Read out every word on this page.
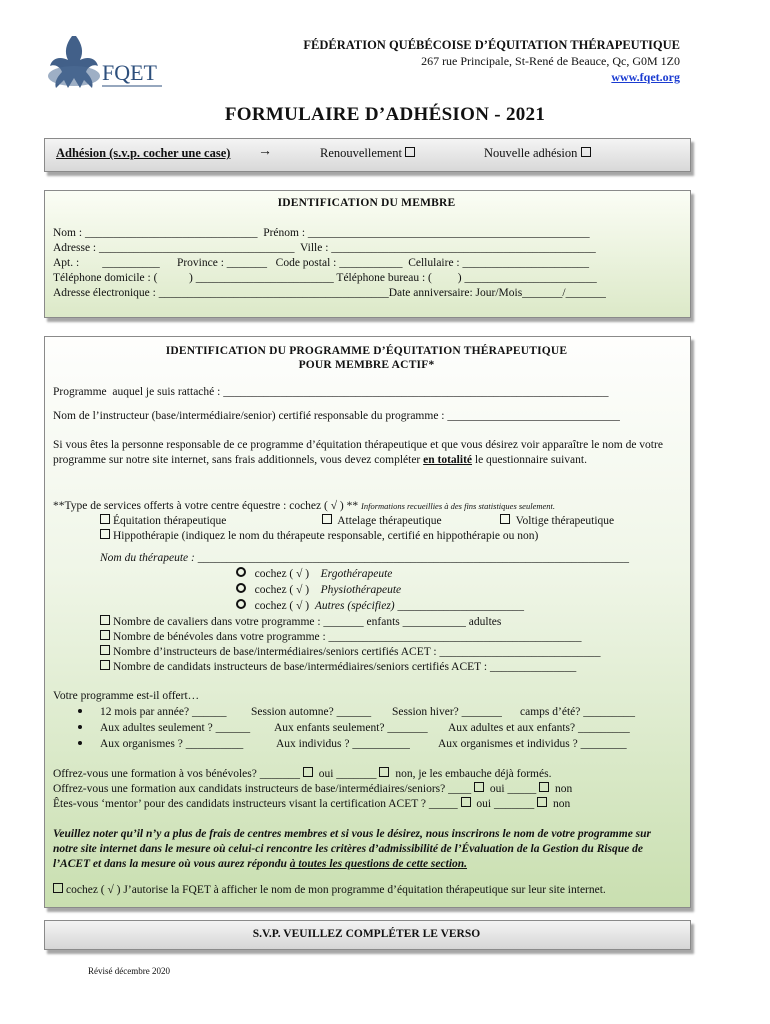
FQET
FÉDÉRATION QUÉBÉCOISE D’ÉQUITATION THÉRAPEUTIQUE
267 rue Principale, St-René de Beauce, Qc, G0M 1Z0
www.fqet.org
FORMULAIRE D’ADHÉSION - 2021
Adhésion (s.v.p. cocher une case) →	Renouvellement	Nouvelle adhésion
IDENTIFICATION DU MEMBRE
Nom : ______________________________  Prénom : _________________________________________________
Adresse : __________________________________  Ville : ______________________________________________
Apt. :        __________      Province : _______   Code postal : ___________  Cellulaire : ______________________
Téléphone domicile : (           ) ________________________ Téléphone bureau : (         ) _______________________
Adresse électronique : ________________________________________Date anniversaire: Jour/Mois_______/_______
IDENTIFICATION DU PROGRAMME D’ÉQUITATION THÉRAPEUTIQUE
POUR MEMBRE ACTIF*
Programme  auquel je suis rattaché : ___________________________________________________________________
Nom de l’instructeur (base/intermédiaire/senior) certifié responsable du programme : ______________________________
Si vous êtes la personne responsable de ce programme d’équitation thérapeutique et que vous désirez voir apparaître le nom de votre programme sur notre site internet, sans frais additionnels, vous devez compléter en totalité le questionnaire suivant.
**Type de services offerts à votre centre équestre : cochez ( √ ) ** Informations recueillies à des fins statistiques seulement.
Équitation thérapeutique	Attelage thérapeutique	Voltige thérapeutique
Hippothérapie (indiquez le nom du thérapeute responsable, certifié en hippothérapie ou non)
Nom du thérapeute : ___________________________________________________________________________
cochez ( √ ) Ergothérapeute
cochez ( √ ) Physiothérapeute
cochez ( √ ) Autres (spécifiez) ______________________
Nombre de cavaliers dans votre programme : _______ enfants ___________ adultes
Nombre de bénévoles dans votre programme : ____________________________________________
Nombre d’instructeurs de base/intermédiaires/seniors certifiés ACET : ____________________________
Nombre de candidats instructeurs de base/intermédiaires/seniors certifiés ACET : _______________
Votre programme est-il offert…
12 mois par année? ______ Session automne? ______ Session hiver? _______ camps d’été? _________
Aux adultes seulement ? ______ Aux enfants seulement? _______ Aux adultes et aux enfants? _________
Aux organismes ? __________	Aux individus ? __________ Aux organismes et individus ? ________
Offrez-vous une formation à vos bénévoles? _______ oui _______ non, je les embauche déjà formés.
Offrez-vous une formation aux candidats instructeurs de base/intermédiaires/seniors? ____ oui _____ non
Êtes-vous ‘mentor’ pour des candidats instructeurs visant la certification ACET ? _____ oui _______ non
Veuillez noter qu’il n’y a plus de frais de centres membres et si vous le désirez, nous inscrirons le nom de votre programme sur notre site internet dans le mesure où celui-ci rencontre les critères d’admissibilité de l’Évaluation de la Gestion du Risque de l’ACET et dans la mesure où vous aurez répondu à toutes les questions de cette section.
cochez ( √ ) J’autorise la FQET à afficher le nom de mon programme d’équitation thérapeutique sur leur site internet.
S.V.P. VEUILLEZ COMPLÉTER LE VERSO
Révisé décembre 2020
